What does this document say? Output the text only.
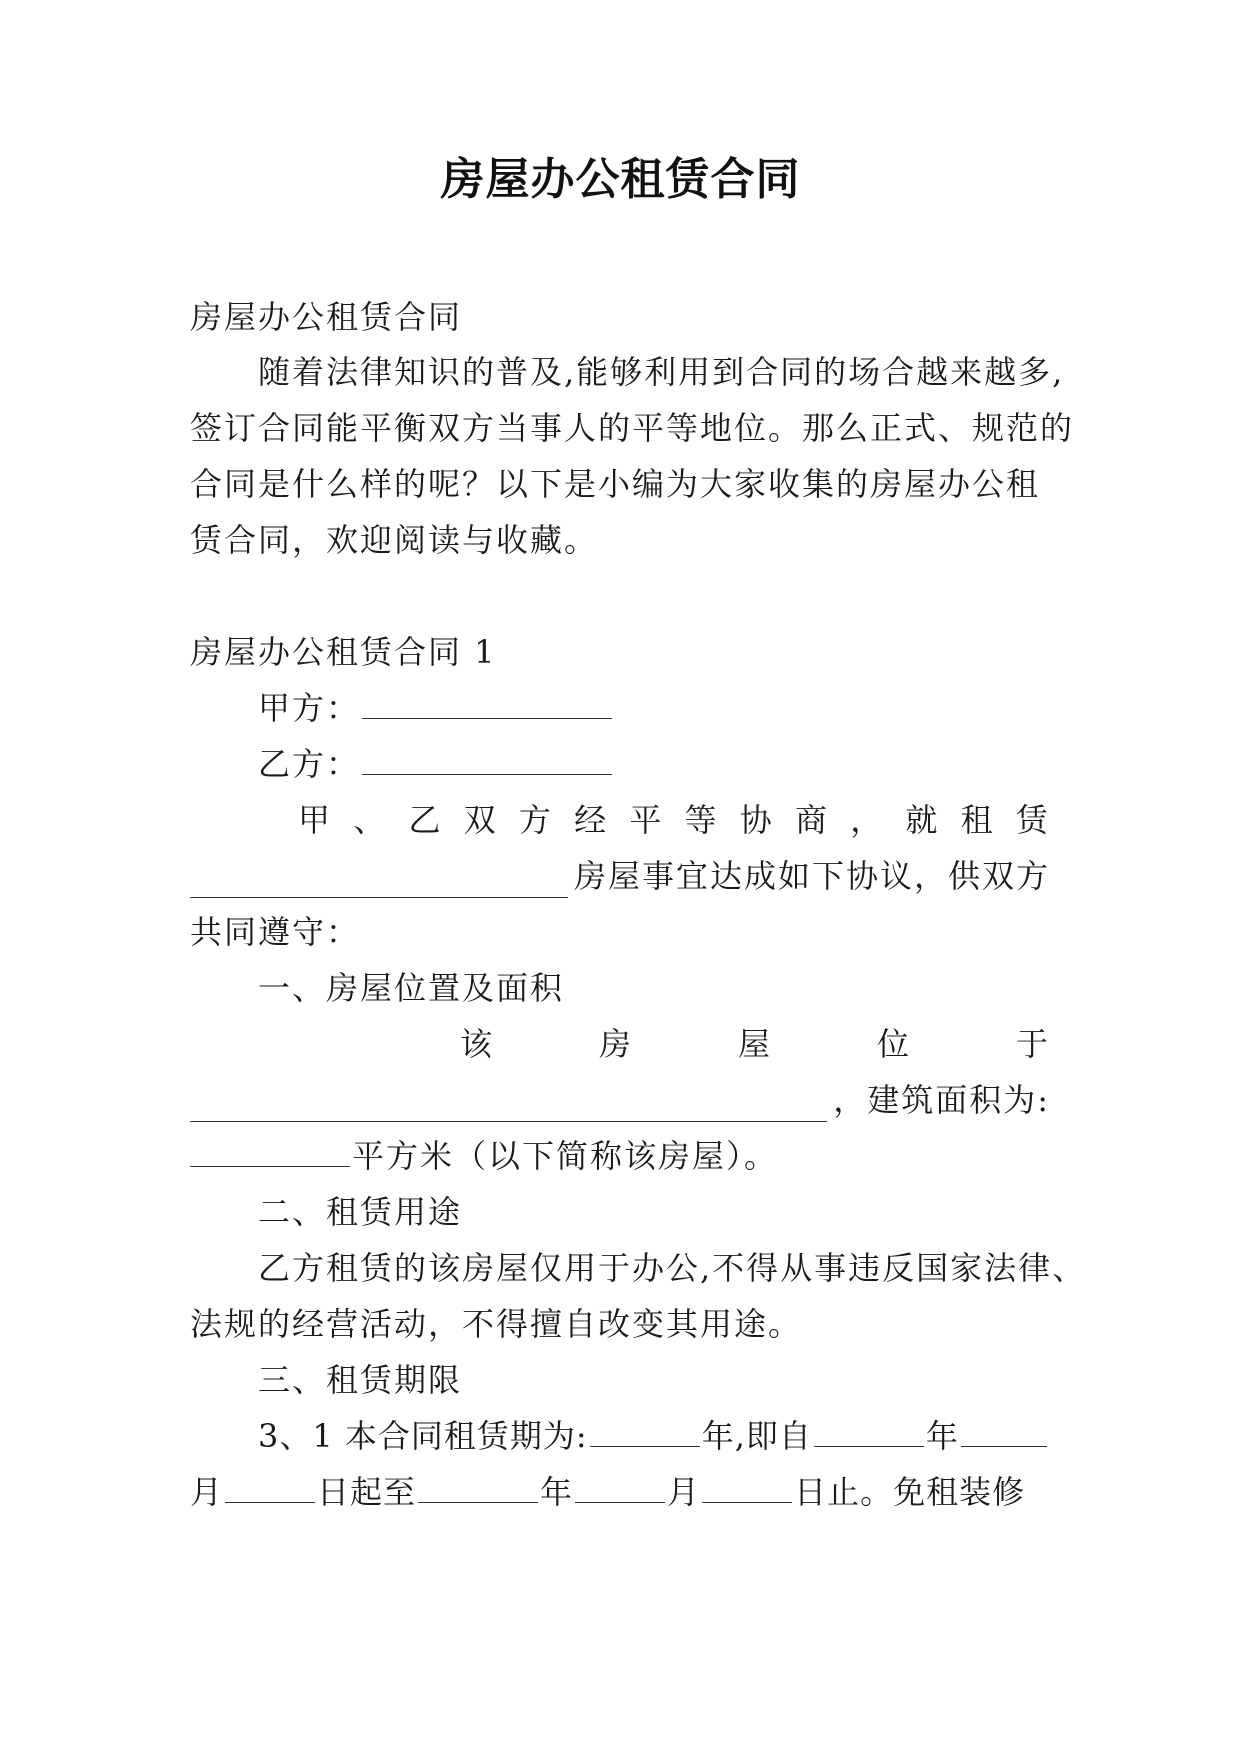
房屋办公租赁合同
房屋办公租赁合同
随着法律知识的普及,能够利用到合同的场合越来越多,
签订合同能平衡双方当事人的平等地位。那么正式、规范的
合同是什么样的呢？以下是小编为大家收集的房屋办公租
赁合同，欢迎阅读与收藏。
房屋办公租赁合同 1
甲方：
乙方：
甲 、 乙 双 方 经 平 等 协 商 ， 就 租 赁
房屋事宜达成如下协议，供双方
共同遵守：
一、房屋位置及面积
该	房	屋	位	于
，建筑面积为:
平方米（以下简称该房屋）。
二、租赁用途
乙方租赁的该房屋仅用于办公,不得从事违反国家法律、
法规的经营活动，不得擅自改变其用途。
三、租赁期限
3、1 本合同租赁期为:	年,即自	年
月	日起至	年	月	日止。免租装修
